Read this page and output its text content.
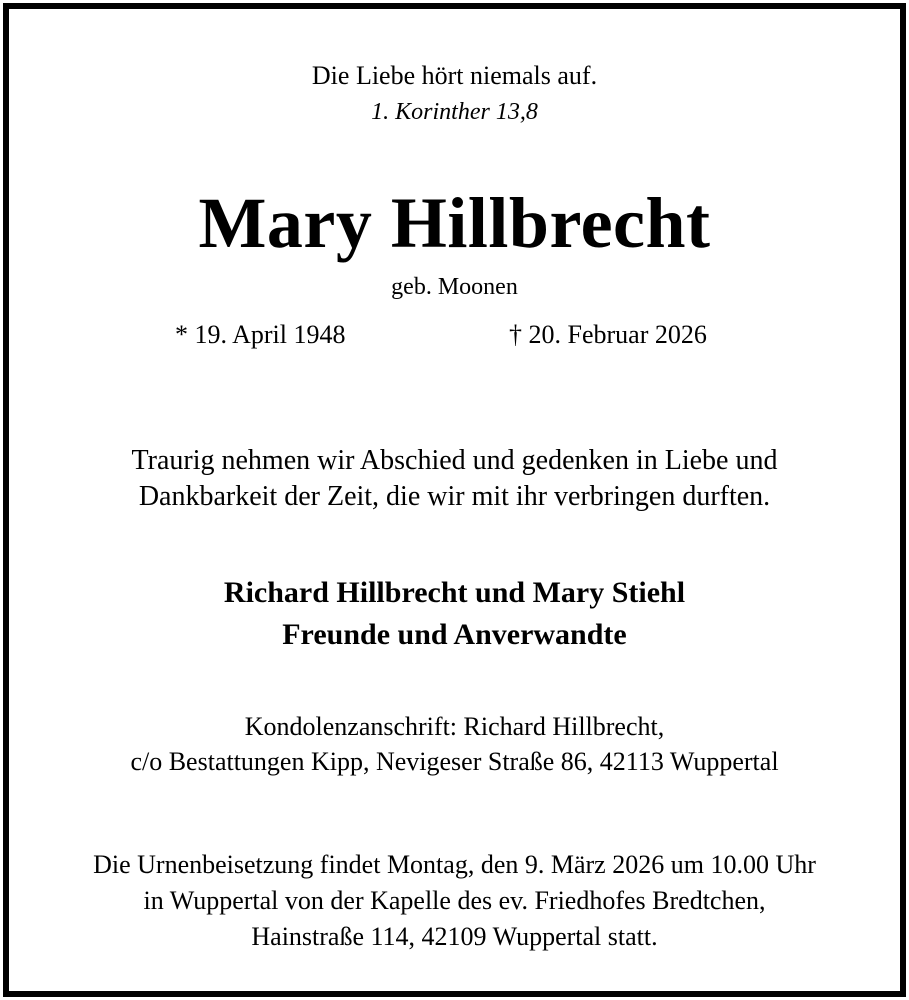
Die Liebe hört niemals auf.
1. Korinther 13,8
Mary Hillbrecht
geb. Moonen
* 19. April 1948	† 20. Februar 2026
Traurig nehmen wir Abschied und gedenken in Liebe und
Dankbarkeit der Zeit, die wir mit ihr verbringen durften.
Richard Hillbrecht und Mary Stiehl
Freunde und Anverwandte
Kondolenzanschrift: Richard Hillbrecht,
c/o Bestattungen Kipp, Nevigeser Straße 86, 42113 Wuppertal
Die Urnenbeisetzung findet Montag, den 9. März 2026 um 10.00 Uhr
in Wuppertal von der Kapelle des ev. Friedhofes Bredtchen,
Hainstraße 114, 42109 Wuppertal statt.
